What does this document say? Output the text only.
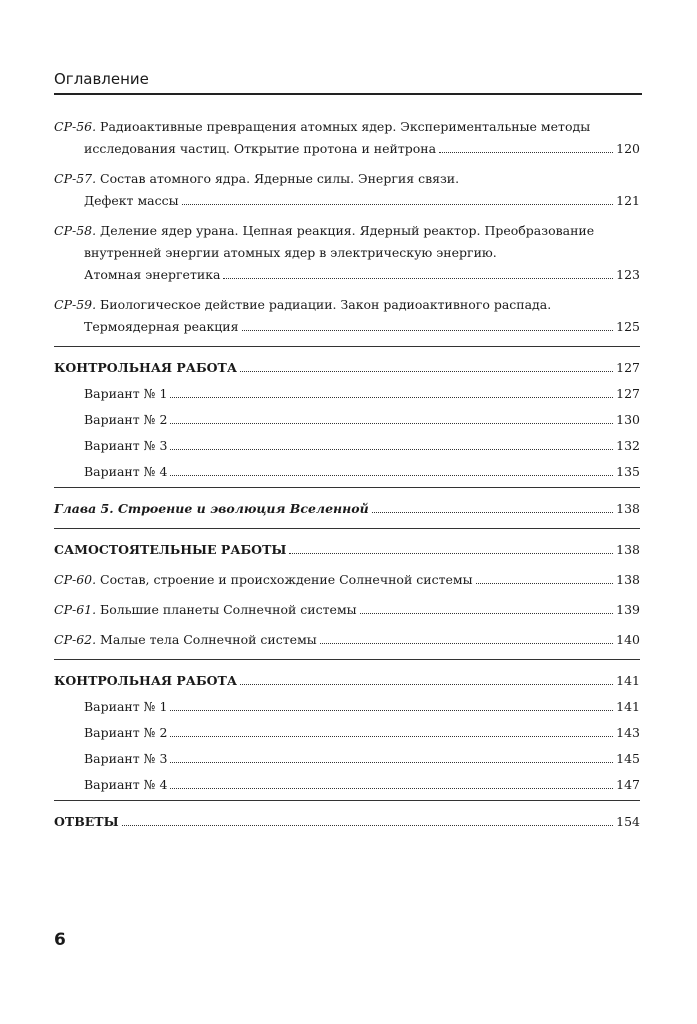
Оглавление
СР-56. Радиоактивные превращения атомных ядер. Экспериментальные методы
исследования частиц. Открытие протона и нейтрона	120
СР-57. Состав атомного ядра. Ядерные силы. Энергия связи.
Дефект массы	121
СР-58. Деление ядер урана. Цепная реакция. Ядерный реактор. Преобразование
внутренней энергии атомных ядер в электрическую энергию.
Атомная энергетика	123
СР-59. Биологическое действие радиации. Закон радиоактивного распада.
Термоядерная реакция	125
КОНТРОЛЬНАЯ РАБОТА	127
Вариант № 1	127
Вариант № 2	130
Вариант № 3	132
Вариант № 4	135
Глава 5. Строение и эволюция Вселенной	138
САМОСТОЯТЕЛЬНЫЕ РАБОТЫ	138
СР-60. Состав, строение и происхождение Солнечной системы	138
СР-61. Большие планеты Солнечной системы	139
СР-62. Малые тела Солнечной системы	140
КОНТРОЛЬНАЯ РАБОТА	141
Вариант № 1	141
Вариант № 2	143
Вариант № 3	145
Вариант № 4	147
ОТВЕТЫ	154
6
